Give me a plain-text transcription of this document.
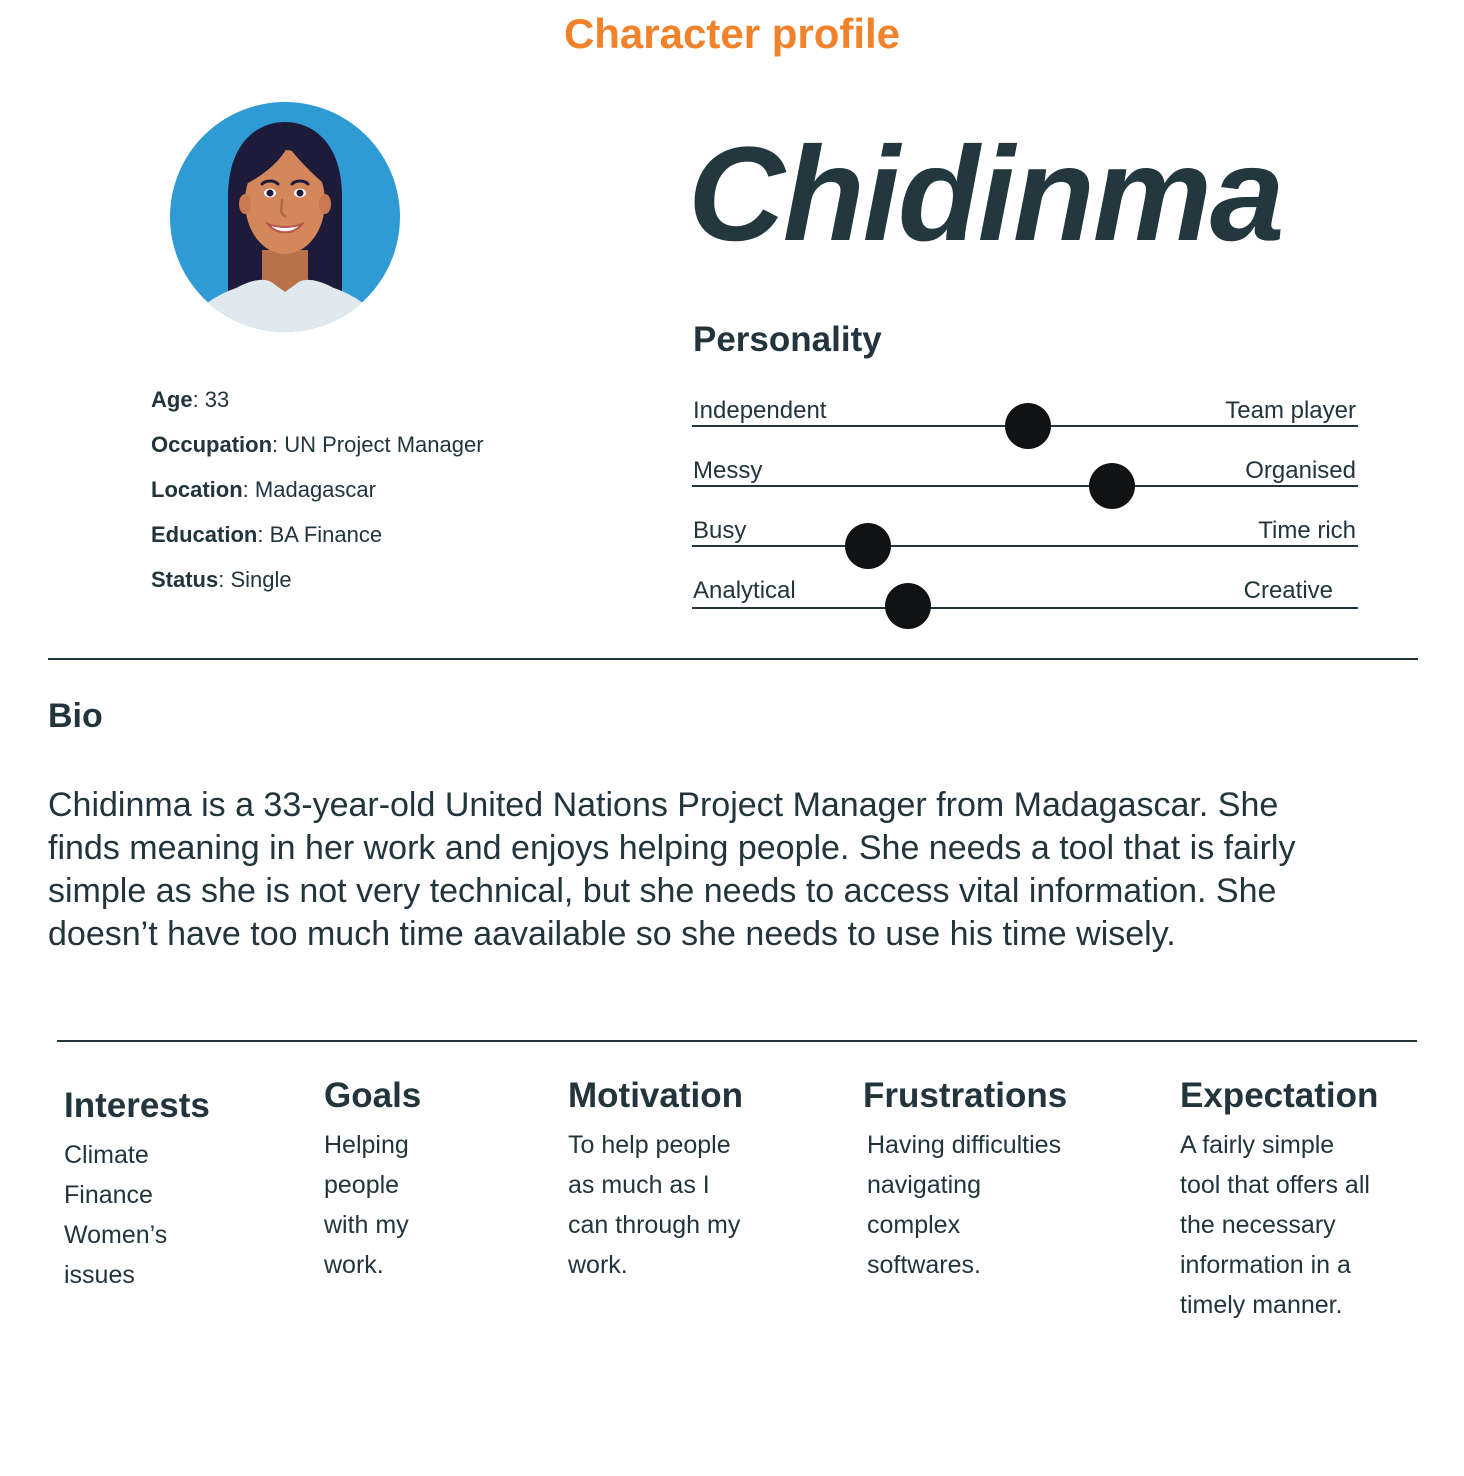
Character profile
Chidinma
Personality
Age: 33
Occupation: UN Project Manager
Location: Madagascar
Education: BA Finance
Status: Single
Independent	Team player
Messy	Organised
Busy	Time rich
Analytical	Creative
Bio

Chidinma is a 33-year-old United Nations Project Manager from Madagascar. She
finds meaning in her work and enjoys helping people. She needs a tool that is fairly
simple as she is not very technical, but she needs to access vital information. She
doesn’t have too much time aavailable so she needs to use his time wisely.

Interests
Climate
Finance
Women’s
issues
Goals
Helping
people
with my
work.
Motivation
To help people
as much as I
can through my
work.
Frustrations
Having difficulties
navigating
complex
softwares.
Expectation
A fairly simple
tool that offers all
the necessary
information in a
timely manner.
